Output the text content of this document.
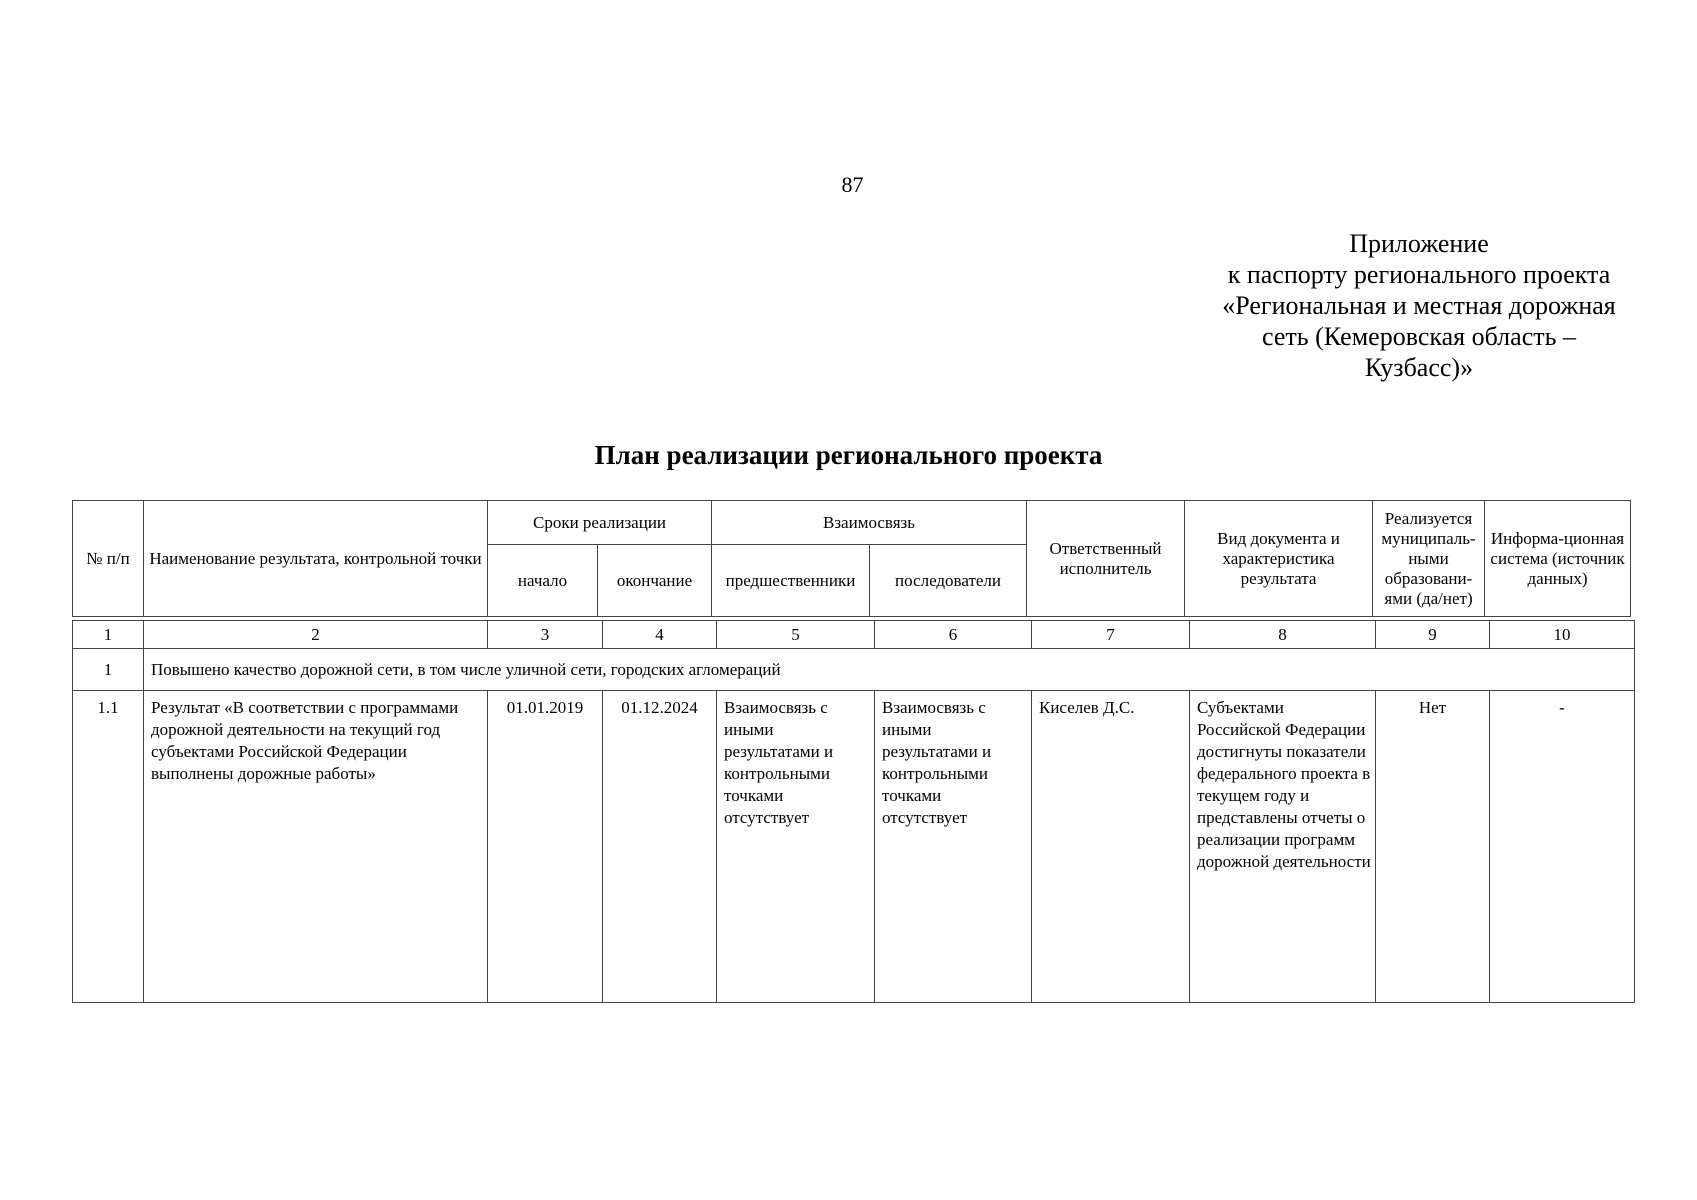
87
Приложение
к паспорту регионального проекта
«Региональная и местная дорожная
сеть (Кемеровская область –
Кузбасс)»
План реализации регионального проекта
№ п/п	Наименование результата, контрольной точки	Сроки реализации		Взаимосвязь		Ответственный исполнитель	Вид документа и характеристика результата	Реализуется муниципаль-ными образовани-ями (да/нет)	Информа-ционная система (источник данных)
		начало	окончание	предшественники	последователи				
1	2	3	4	5	6	7	8	9	10
1	Повышено качество дорожной сети, в том числе уличной сети, городских агломераций								
1.1	Результат «В соответствии с программами дорожной деятельности на текущий год субъектами Российской Федерации выполнены дорожные работы»	01.01.2019	01.12.2024	Взаимосвязь с иными результатами и контрольными точками отсутствует	Взаимосвязь с иными результатами и контрольными точками отсутствует	Киселев Д.С.	Субъектами Российской Федерации достигнуты показатели федерального проекта в текущем году и представлены отчеты о реализации программ дорожной деятельности	Нет	-
